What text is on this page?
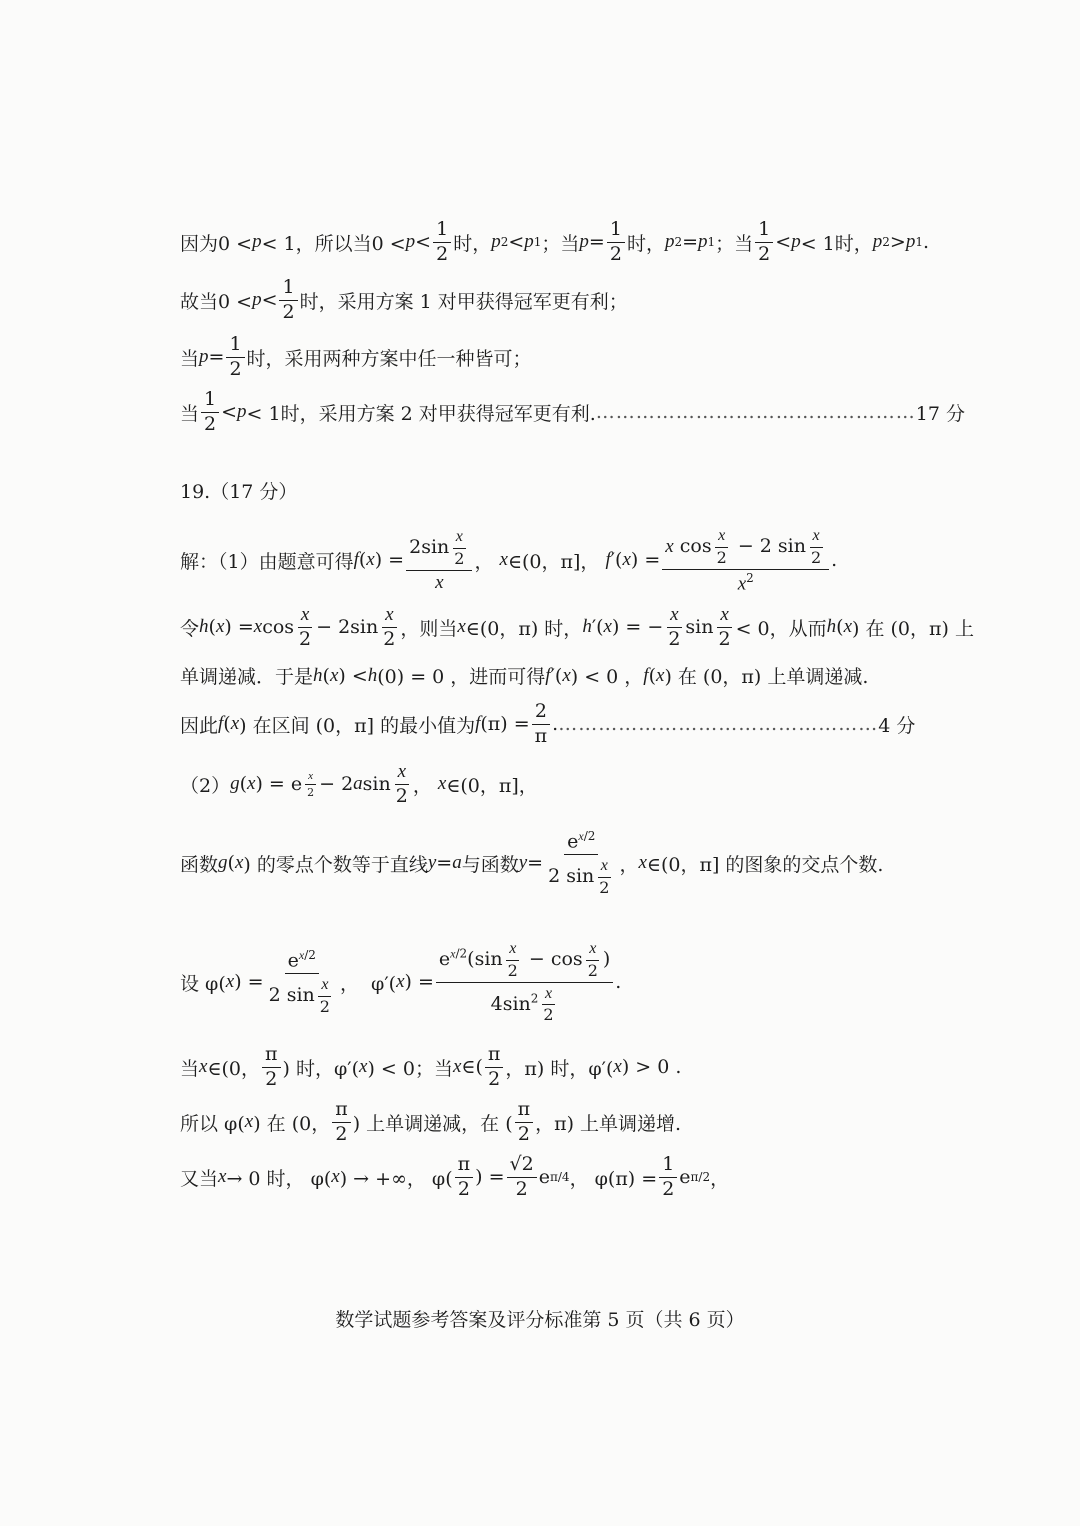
因为0 < p < 1，所以当$0 < p < \frac{1}{2}$ 时， p 2 < p 1 ；当 $p = \frac{1}{2}$ 时， p 2 = p 1 ；当 $\frac{1}{2} < p < 1$时， p 2 > p 1 .
故当$0 < p < \frac{1}{2}$ 时，采用方案 1 对甲获得冠军更有利；
当 $p = \frac{1}{2}$ 时，采用两种方案中任一种皆可；
当 $\frac{1}{2} < p < 1$时，采用方案 2 对甲获得冠军更有利. ………………………………………… 17 分
19.（17 分）
解：（1）由题意可得 f ( x ) = $\frac{2\sin \frac{x}{2}}{x}$ ， x ∈(0，π]， f ′( x ) = $\frac{x \cos \frac{x}{2} - 2 \sin \frac{x}{2}}{x^2}$ .
令 h ( x ) = x $\cos \frac{x}{2} - 2\sin \frac{x}{2}$ ，则当 x ∈(0，π) 时， h ′( x ) = − $\frac{x}{2}$ $\sin \frac{x}{2} < 0$，从而 h ( x ) 在 (0，π) 上
单调递减．于是 h ( x ) < h (0) = 0 ，进而可得 f ′( x ) < 0 ， f ( x ) 在 (0，π) 上单调递减.
因此 f ( x ) 在区间 (0，π] 的最小值为 f $(\pi) = \frac{2}{\pi}$ . ………………………………………… 4 分
（2） g ( x ) = e $\frac{x}{2} - 2$ a $\sin \frac{x}{2}$ ， x ∈(0，π]，
函数 g ( x ) 的零点个数等于直线 y = a 与函数 $y = \frac{e^{x/2}}{2 \sin \frac{x}{2}}$ ， x ∈(0，π] 的图象的交点个数.
设 φ( x ) = $\frac{e^{x/2}}{2 \sin \frac{x}{2}}$ ，  φ′( x ) = $\frac{e^{x/2}(\sin \frac{x}{2} - \cos \frac{x}{2} )}{4\sin^2 \frac{x}{2}}$ .
当 x ∈(0， $\frac{\pi}{2}$ ) 时，φ′( x ) < 0；当 x ∈( $\frac{\pi}{2}$ ，π) 时，φ′( x ) > 0 .
所以 φ( x ) 在 (0， $\frac{\pi}{2}$ ) 上单调递减，在 ( $\frac{\pi}{2}$ ，π) 上单调递增.
又当 x → 0 时， φ( x ) → +∞， $\varphi( \frac{\pi}{2}$ ) = $\frac{√2}{2}$ e π/4 ， $\varphi(\pi) = \frac{1}{2}$ e π/2 ，
数学试题参考答案及评分标准第 5 页（共 6 页）
